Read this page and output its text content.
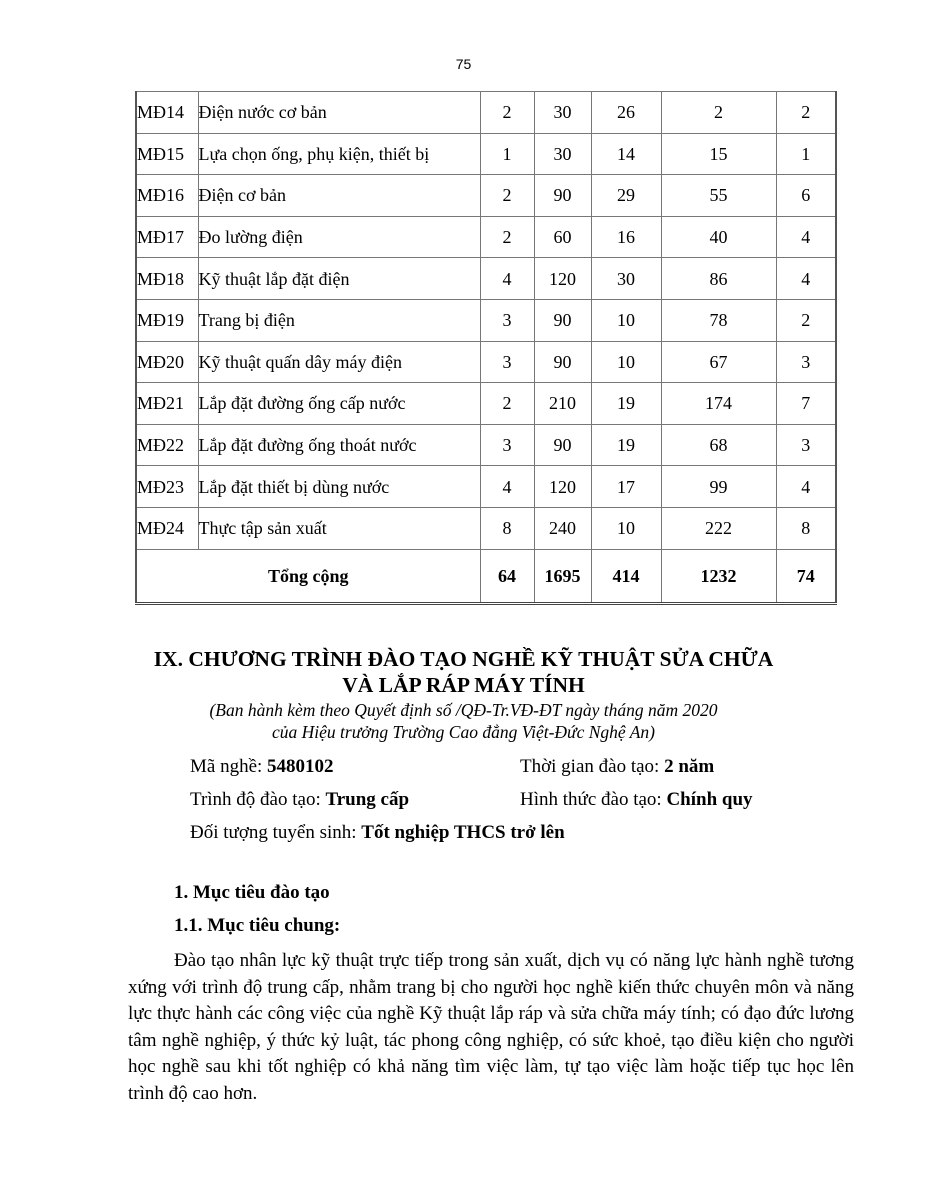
75
MĐ14	Điện nước cơ bản	2	30	26	2	2
MĐ15	Lựa chọn ống, phụ kiện, thiết bị	1	30	14	15	1
MĐ16	Điện cơ bản	2	90	29	55	6
MĐ17	Đo lường điện	2	60	16	40	4
MĐ18	Kỹ thuật lắp đặt điện	4	120	30	86	4
MĐ19	Trang bị điện	3	90	10	78	2
MĐ20	Kỹ thuật quấn dây máy điện	3	90	10	67	3
MĐ21	Lắp đặt đường ống cấp nước	2	210	19	174	7
MĐ22	Lắp đặt đường ống thoát nước	3	90	19	68	3
MĐ23	Lắp đặt thiết bị dùng nước	4	120	17	99	4
MĐ24	Thực tập sản xuất	8	240	10	222	8
Tổng cộng		64	1695	414	1232	74
IX. CHƯƠNG TRÌNH ĐÀO TẠO NGHỀ KỸ THUẬT SỬA CHỮA
VÀ LẮP RÁP MÁY TÍNH
(Ban hành kèm theo Quyết định số /QĐ-Tr.VĐ-ĐT ngày tháng năm 2020
của Hiệu trưởng Trường Cao đẳng Việt-Đức Nghệ An)
Mã nghề: 5480102	Thời gian đào tạo: 2 năm
Trình độ đào tạo: Trung cấp	Hình thức đào tạo: Chính quy
Đối tượng tuyển sinh: Tốt nghiệp THCS trở lên
1. Mục tiêu đào tạo
1.1. Mục tiêu chung:
Đào tạo nhân lực kỹ thuật trực tiếp trong sản xuất, dịch vụ có năng lực hành nghề tương xứng với trình độ trung cấp, nhằm trang bị cho người học nghề kiến thức chuyên môn và năng lực thực hành các công việc của nghề Kỹ thuật lắp ráp và sửa chữa máy tính; có đạo đức lương tâm nghề nghiệp, ý thức kỷ luật, tác phong công nghiệp, có sức khoẻ, tạo điều kiện cho người học nghề sau khi tốt nghiệp có khả năng tìm việc làm, tự tạo việc làm hoặc tiếp tục học lên trình độ cao hơn.
